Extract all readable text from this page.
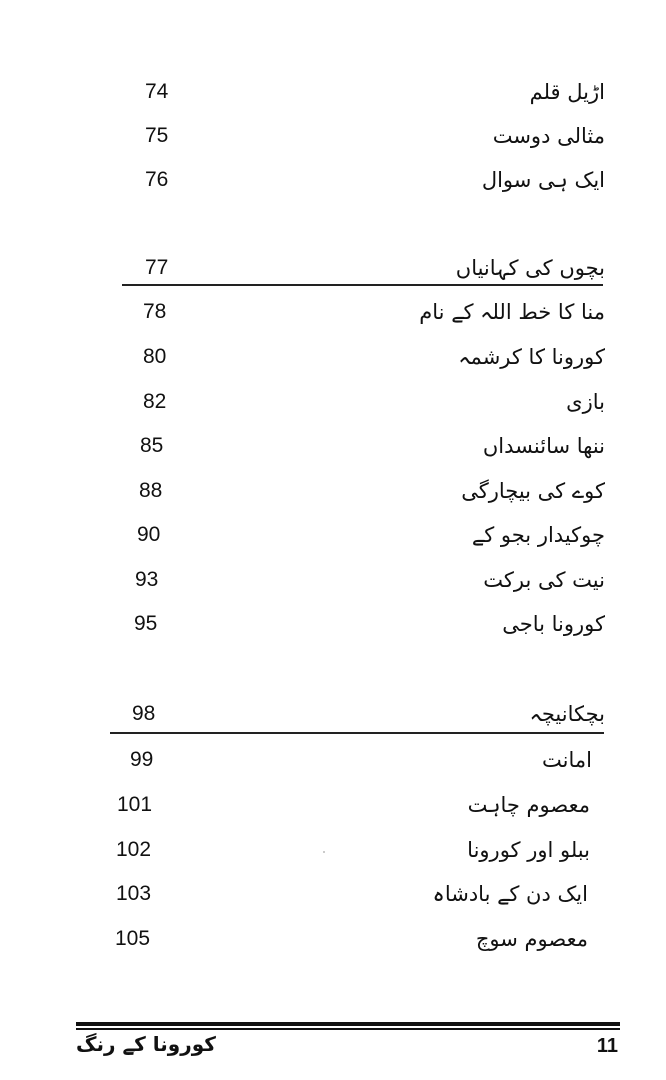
74	اڑیل قلم
75	مثالی دوست
76	ایک ہی سوال
77	بچوں کی کہانیاں
78	منا کا خط اللہ کے نام
80	کورونا کا کرشمہ
82	بازی
85	ننھا سائنسداں
88	کوے کی بیچارگی
90	چوکیدار بجو کے
93	نیت کی برکت
95	کورونا باجی
98	بچکانیچہ
99	امانت
101	معصوم چاہت
102	ببلو اور کورونا
103	ایک دن کے بادشاہ
105	معصوم سوچ
کورونا کے رنگ	11
